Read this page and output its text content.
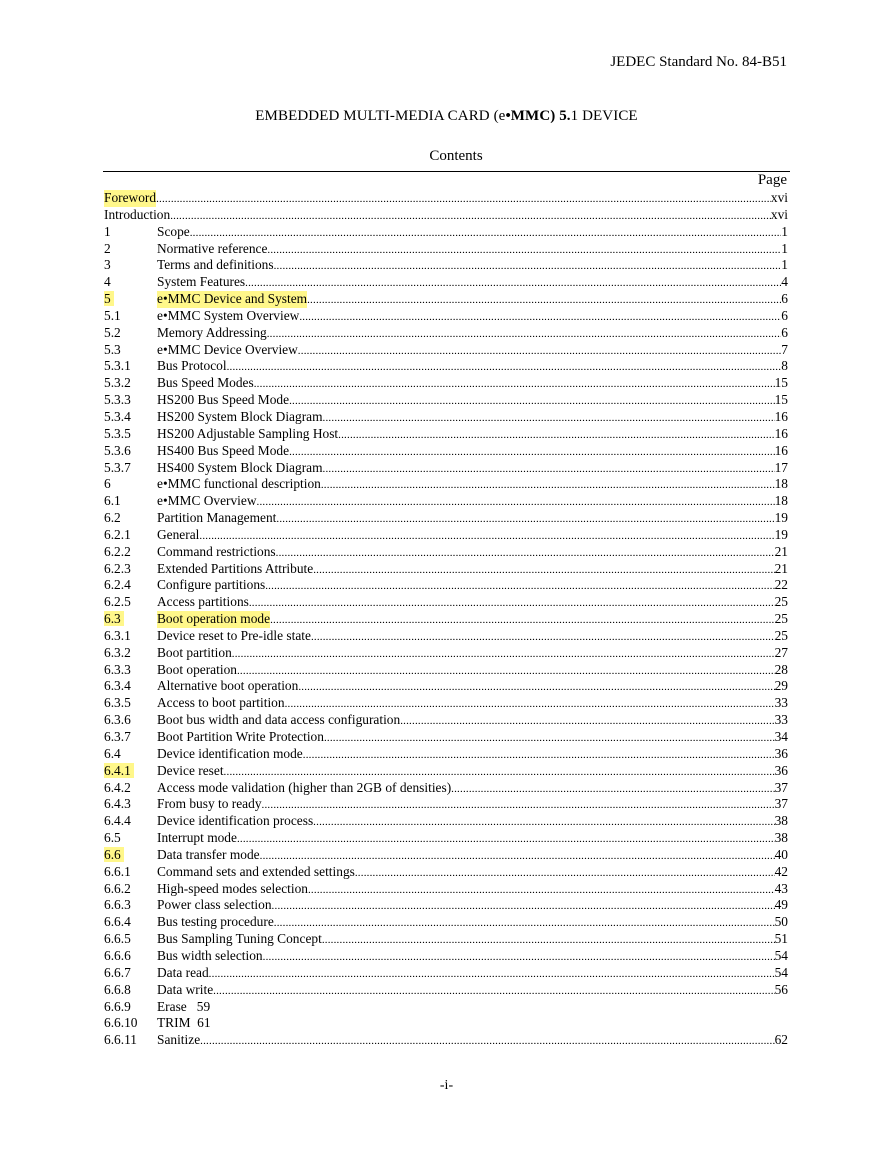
JEDEC Standard No. 84-B51
EMBEDDED MULTI-MEDIA CARD (e•MMC) 5.1 DEVICE
Contents
Page
Foreword .....	xvi
Introduction .....	xvi
1	Scope .....	1
2	Normative reference .....	1
3	Terms and definitions .....	1
4	System Features .....	4
5	e•MMC Device and System .....	6
5.1	e•MMC System Overview .....	6
5.2	Memory Addressing .....	6
5.3	e•MMC Device Overview .....	7
5.3.1	Bus Protocol .....	8
5.3.2	Bus Speed Modes .....	15
5.3.3	HS200 Bus Speed Mode .....	15
5.3.4	HS200 System Block Diagram .....	16
5.3.5	HS200 Adjustable Sampling Host .....	16
5.3.6	HS400 Bus Speed Mode .....	16
5.3.7	HS400 System Block Diagram .....	17
6	e•MMC functional description .....	18
6.1	e•MMC Overview .....	18
6.2	Partition Management .....	19
6.2.1	General .....	19
6.2.2	Command restrictions .....	21
6.2.3	Extended Partitions Attribute .....	21
6.2.4	Configure partitions .....	22
6.2.5	Access partitions .....	25
6.3	Boot operation mode .....	25
6.3.1	Device reset to Pre-idle state .....	25
6.3.2	Boot partition .....	27
6.3.3	Boot operation .....	28
6.3.4	Alternative boot operation .....	29
6.3.5	Access to boot partition .....	33
6.3.6	Boot bus width and data access configuration .....	33
6.3.7	Boot Partition Write Protection .....	34
6.4	Device identification mode .....	36
6.4.1	Device reset .....	36
6.4.2	Access mode validation (higher than 2GB of densities) .....	37
6.4.3	From busy to ready .....	37
6.4.4	Device identification process .....	38
6.5	Interrupt mode .....	38
6.6	Data transfer mode .....	40
6.6.1	Command sets and extended settings .....	42
6.6.2	High-speed modes selection .....	43
6.6.3	Power class selection .....	49
6.6.4	Bus testing procedure .....	50
6.6.5	Bus Sampling Tuning Concept .....	51
6.6.6	Bus width selection .....	54
6.6.7	Data read .....	54
6.6.8	Data write .....	56
6.6.9	Erase   59
6.6.10	TRIM  61
6.6.11	Sanitize .....	62
-i-
